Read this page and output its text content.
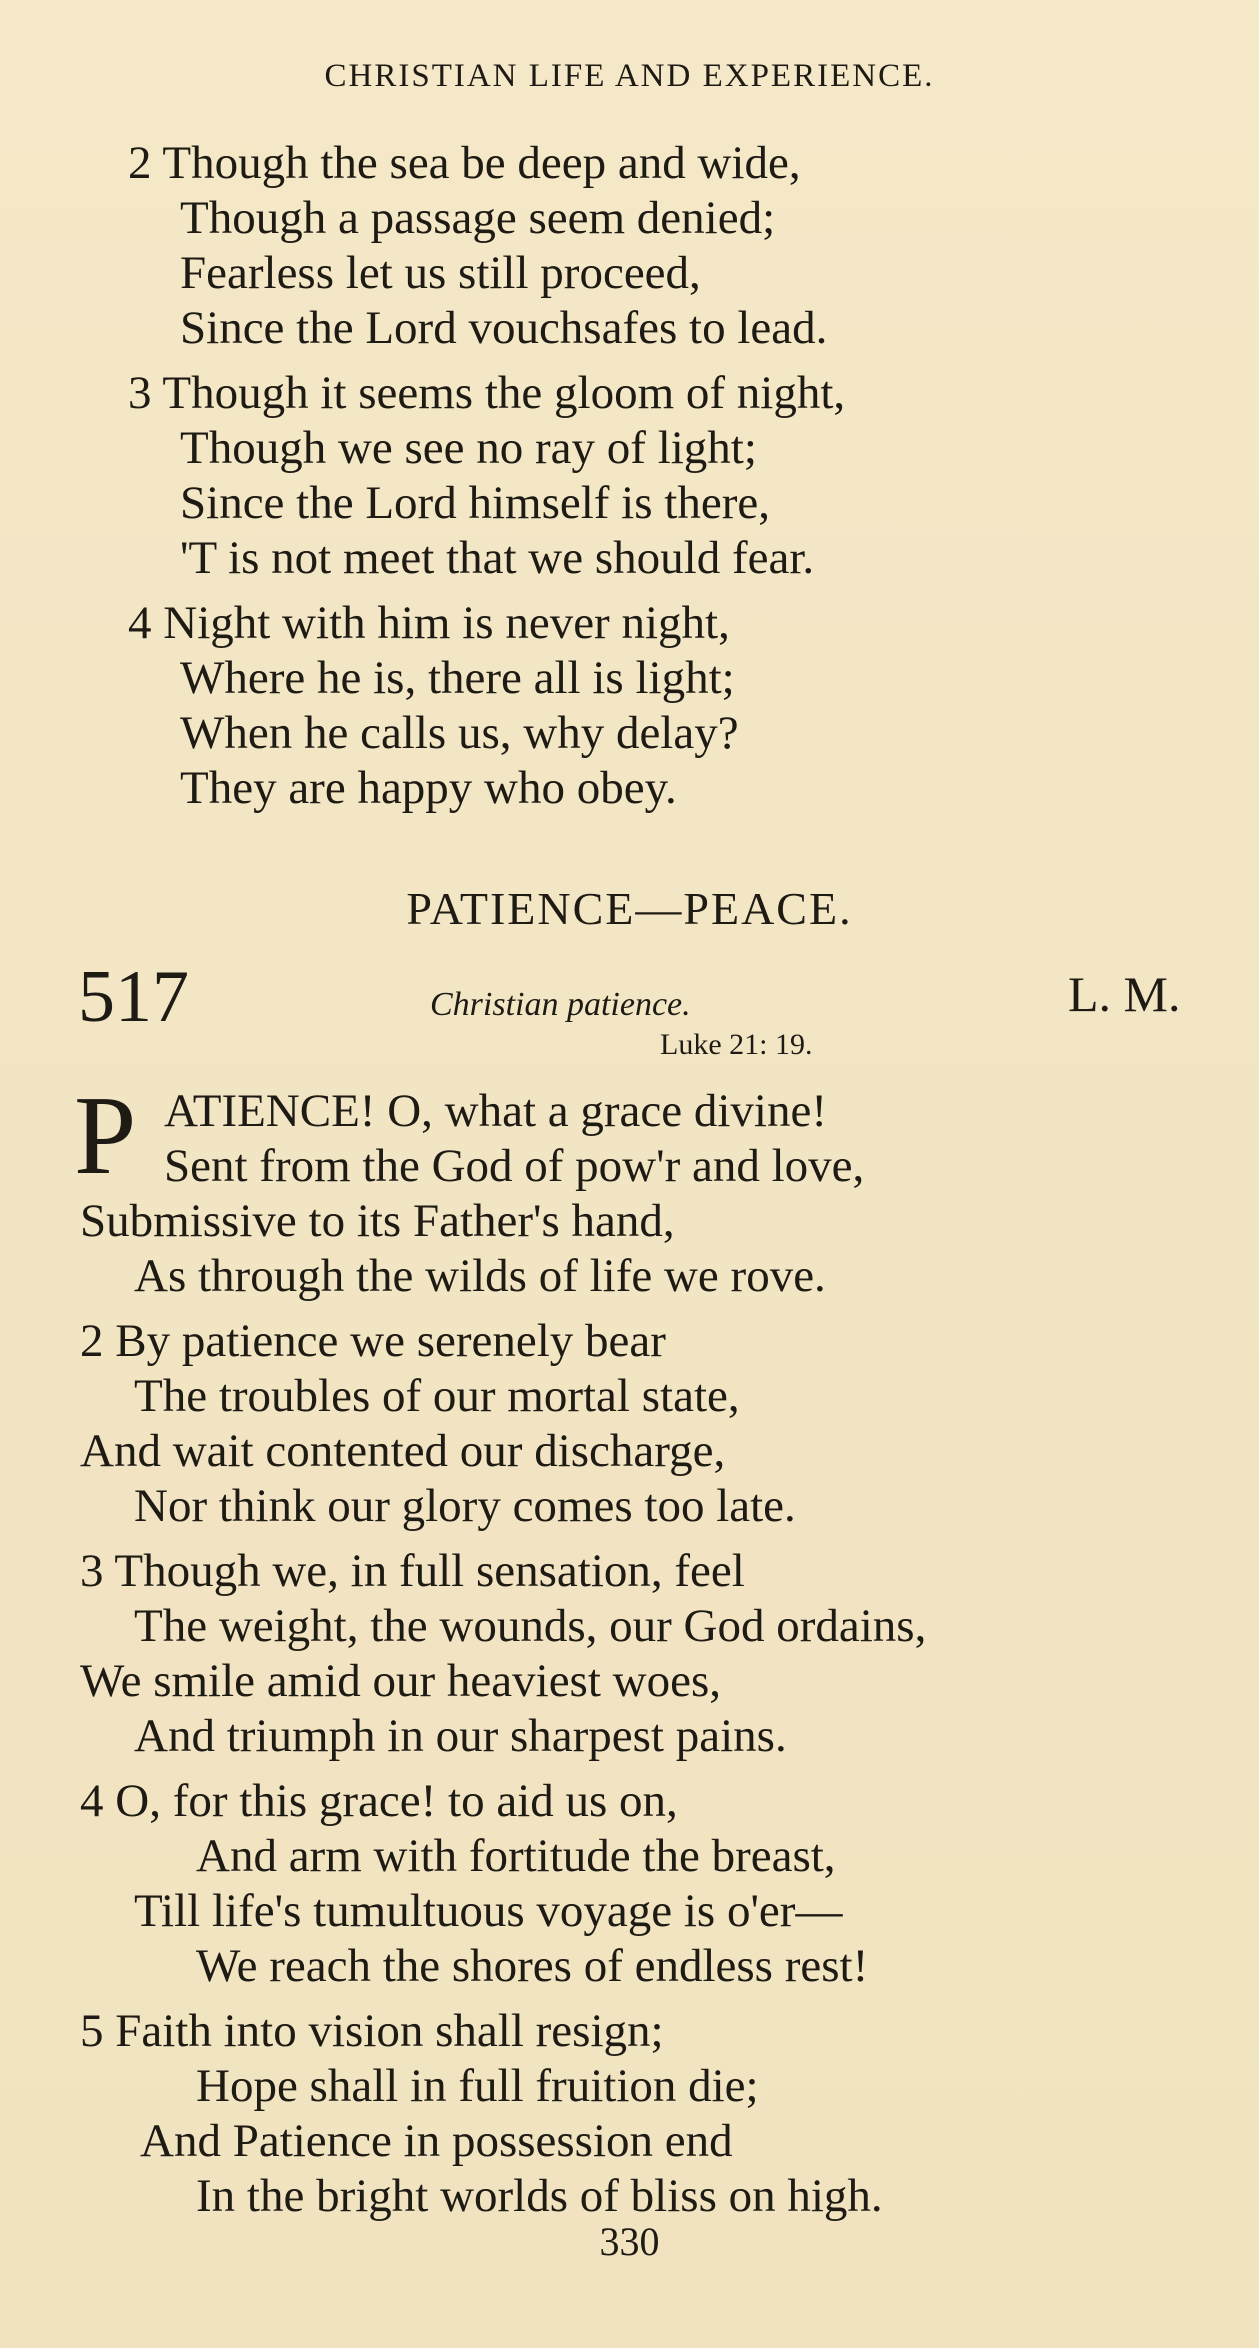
CHRISTIAN LIFE AND EXPERIENCE.
2 Though the sea be deep and wide,
Though a passage seem denied;
Fearless let us still proceed,
Since the Lord vouchsafes to lead.
3 Though it seems the gloom of night,
Though we see no ray of light;
Since the Lord himself is there,
'T is not meet that we should fear.
4 Night with him is never night,
Where he is, there all is light;
When he calls us, why delay?
They are happy who obey.
PATIENCE—PEACE.
517	Christian patience.	L. M.
Luke 21: 19.
P ATIENCE! O, what a grace divine!
Sent from the God of pow'r and love,
Submissive to its Father's hand,
As through the wilds of life we rove.
2 By patience we serenely bear
The troubles of our mortal state,
And wait contented our discharge,
Nor think our glory comes too late.
3 Though we, in full sensation, feel
The weight, the wounds, our God ordains,
We smile amid our heaviest woes,
And triumph in our sharpest pains.
4 O, for this grace! to aid us on,
And arm with fortitude the breast,
Till life's tumultuous voyage is o'er—
We reach the shores of endless rest!
5 Faith into vision shall resign;
Hope shall in full fruition die;
And Patience in possession end
In the bright worlds of bliss on high.
330
